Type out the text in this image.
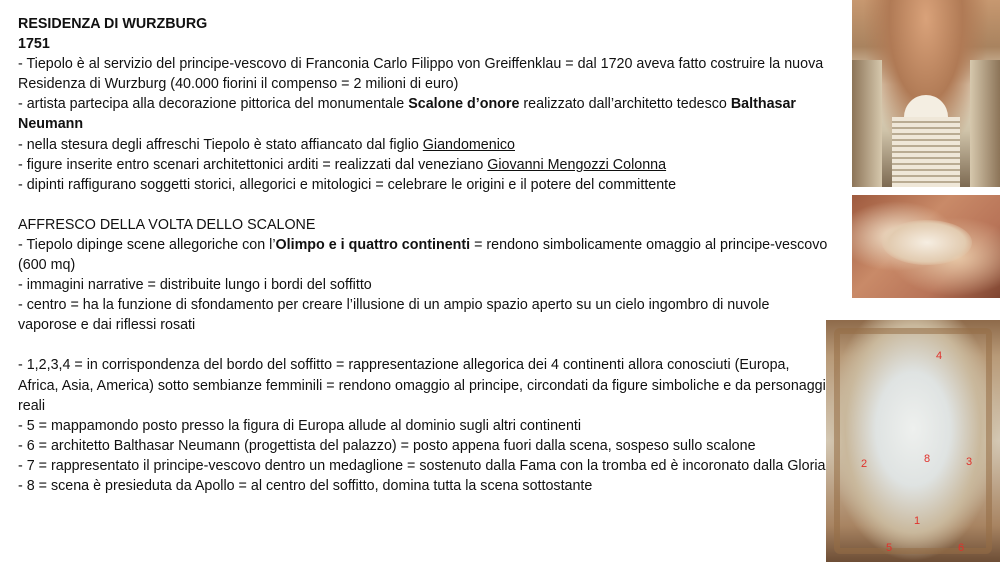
RESIDENZA DI WURZBURG

1751

- Tiepolo è al servizio del principe-vescovo di Franconia Carlo Filippo von Greiffenklau = dal 1720 aveva fatto costruire la nuova Residenza di Wurzburg (40.000 fiorini il compenso = 2 milioni di euro)

- artista partecipa alla decorazione pittorica del monumentale Scalone d’onore realizzato dall’architetto tedesco Balthasar Neumann

- nella stesura degli affreschi Tiepolo è stato affiancato dal figlio Giandomenico

- figure inserite entro scenari architettonici arditi = realizzati dal veneziano Giovanni Mengozzi Colonna

- dipinti raffigurano soggetti storici, allegorici e mitologici = celebrare le origini e il potere del committente

AFFRESCO DELLA VOLTA DELLO SCALONE

- Tiepolo dipinge scene allegoriche con l’Olimpo e i quattro continenti = rendono simbolicamente omaggio al principe-vescovo (600 mq)

- immagini narrative = distribuite lungo i bordi del soffitto

- centro = ha la funzione di sfondamento per creare l’illusione di un ampio spazio aperto su un cielo ingombro di nuvole vaporose e dai riflessi rosati

- 1,2,3,4 = in corrispondenza del bordo del soffitto = rappresentazione allegorica dei 4 continenti allora conosciuti (Europa, Africa, Asia, America) sotto sembianze femminili = rendono omaggio al principe, circondati da figure simboliche e da personaggi reali

- 5 = mappamondo posto presso la figura di Europa allude al dominio sugli altri continenti

- 6 = architetto Balthasar Neumann (progettista del palazzo) = posto appena fuori dalla scena, sospeso sullo scalone

- 7 = rappresentato il principe-vescovo dentro un medaglione = sostenuto dalla Fama con la tromba ed è incoronato dalla Gloria

- 8 = scena è presieduta da Apollo = al centro del soffitto, domina tutta la scena sottostante

4
2	8	3
1
5	6
